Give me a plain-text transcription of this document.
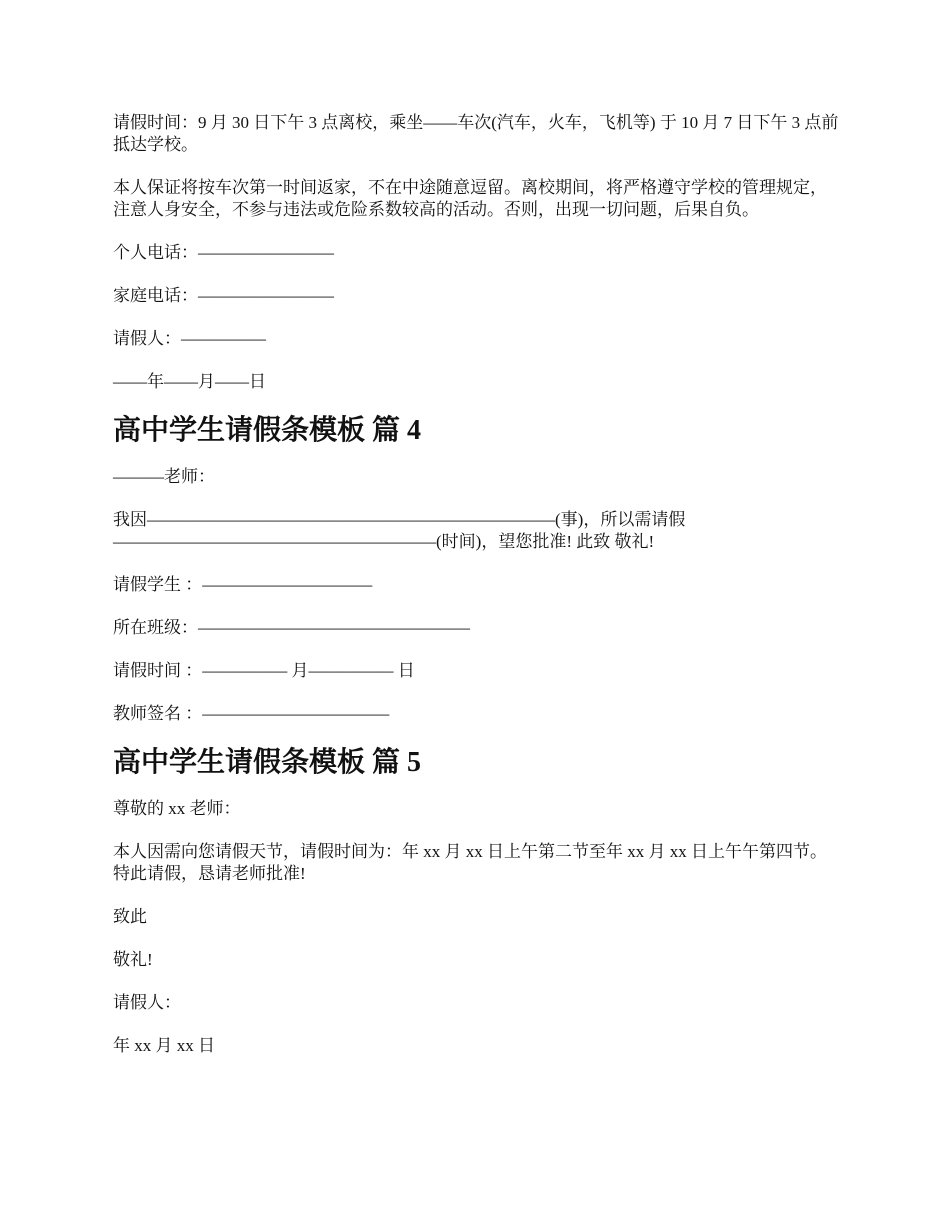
请假时间：9 月 30 日下午 3 点离校，乘坐——车次(汽车，火车，飞机等) 于 10 月 7 日下午 3 点前抵达学校。

本人保证将按车次第一时间返家，不在中途随意逗留。离校期间，将严格遵守学校的管理规定，注意人身安全，不参与违法或危险系数较高的活动。否则，出现一切问题，后果自负。

个人电话：————————

家庭电话：————————

请假人：—————

——年——月——日

高中学生请假条模板 篇 4

———老师：

我因————————————————————————(事)，所以需请假———————————————————(时间)，望您批准! 此致 敬礼!

请假学生 ：——————————

所在班级：————————————————

请假时间 ：————— 月————— 日

教师签名 ：———————————

高中学生请假条模板 篇 5

尊敬的 xx 老师：

本人因需向您请假天节，请假时间为：年 xx 月 xx 日上午第二节至年 xx 月 xx 日上午午第四节。特此请假，恳请老师批准!

致此

敬礼!

请假人：

年 xx 月 xx 日
